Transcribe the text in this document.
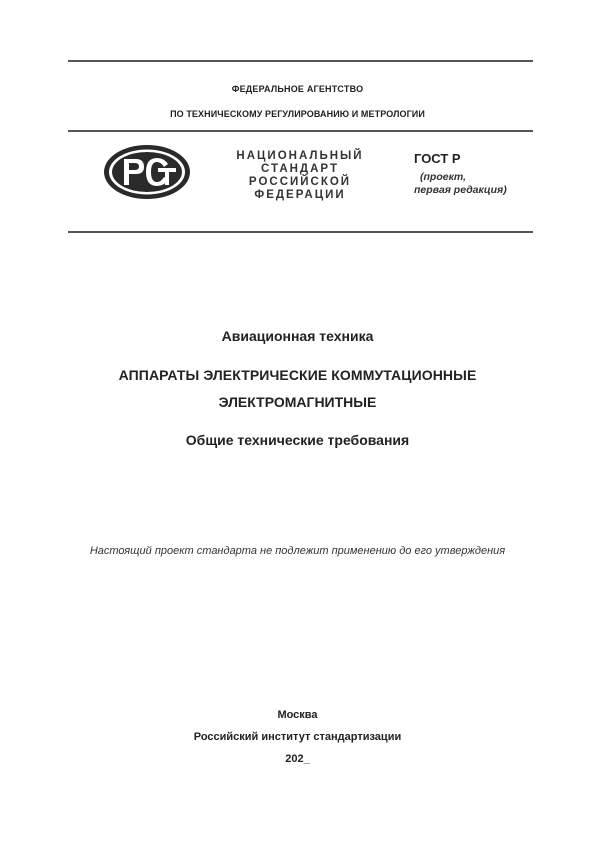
ФЕДЕРАЛЬНОЕ АГЕНТСТВО
ПО ТЕХНИЧЕСКОМУ РЕГУЛИРОВАНИЮ И МЕТРОЛОГИИ
НАЦИОНАЛЬНЫЙ
СТАНДАРТ
РОССИЙСКОЙ
ФЕДЕРАЦИИ
ГОСТ Р
(проект,
первая редакция)
Авиационная техника
АППАРАТЫ ЭЛЕКТРИЧЕСКИЕ КОММУТАЦИОННЫЕ
ЭЛЕКТРОМАГНИТНЫЕ
Общие технические требования
Настоящий проект стандарта не подлежит применению до его утверждения
Москва
Российский институт стандартизации
202_
